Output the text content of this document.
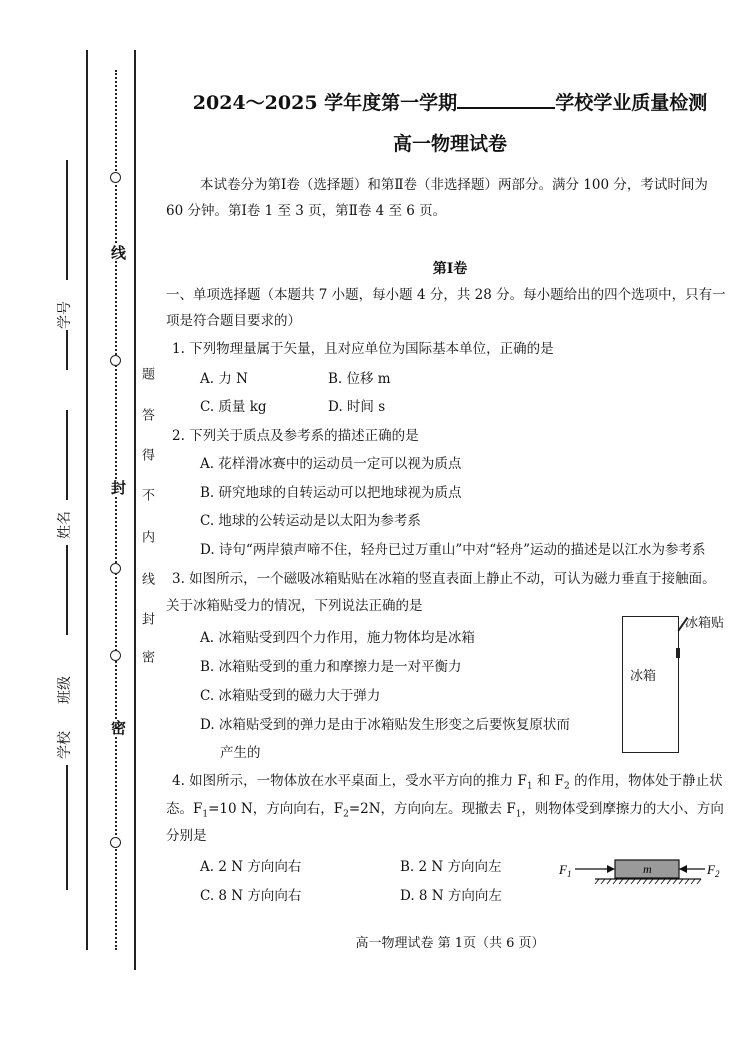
线
封
密
题
答
得
不
内
线
封
密
学号
姓名
班级
学校
2024～2025 学年度第一学期	学校学业质量检测
高一物理试卷
本试卷分为第Ⅰ卷（选择题）和第Ⅱ卷（非选择题）两部分。满分 100 分，考试时间为
60 分钟。第Ⅰ卷 1 至 3 页，第Ⅱ卷 4 至 6 页。
第Ⅰ卷
一、单项选择题（本题共 7 小题，每小题 4 分，共 28 分。每小题给出的四个选项中，只有一
项是符合题目要求的）
1. 下列物理量属于矢量，且对应单位为国际基本单位，正确的是
A. 力 N	B. 位移 m
C. 质量 kg	D. 时间 s
2. 下列关于质点及参考系的描述正确的是
A. 花样滑冰赛中的运动员一定可以视为质点
B. 研究地球的自转运动可以把地球视为质点
C. 地球的公转运动是以太阳为参考系
D. 诗句“两岸猿声啼不住，轻舟已过万重山”中对“轻舟”运动的描述是以江水为参考系
3. 如图所示，一个磁吸冰箱贴贴在冰箱的竖直表面上静止不动，可认为磁力垂直于接触面。
关于冰箱贴受力的情况，下列说法正确的是
A. 冰箱贴受到四个力作用，施力物体均是冰箱
B. 冰箱贴受到的重力和摩擦力是一对平衡力
C. 冰箱贴受到的磁力大于弹力
D. 冰箱贴受到的弹力是由于冰箱贴发生形变之后要恢复原状而
产生的
冰箱
冰箱贴
4. 如图所示，一物体放在水平桌面上，受水平方向的推力 $F_1$ 和 $F_2$ 的作用，物体处于静止状
态。$F_1=10$ N，方向向右，$F_2=2N$，方向向左。现撤去 $F_1$，则物体受到摩擦力的大小、方向
分别是
A. 2 N 方向向右	B. 2 N 方向向左
C. 8 N 方向向右	D. 8 N 方向向左
$F_1$	m	$F_2$
高一物理试卷 第 1页（共 6 页）
